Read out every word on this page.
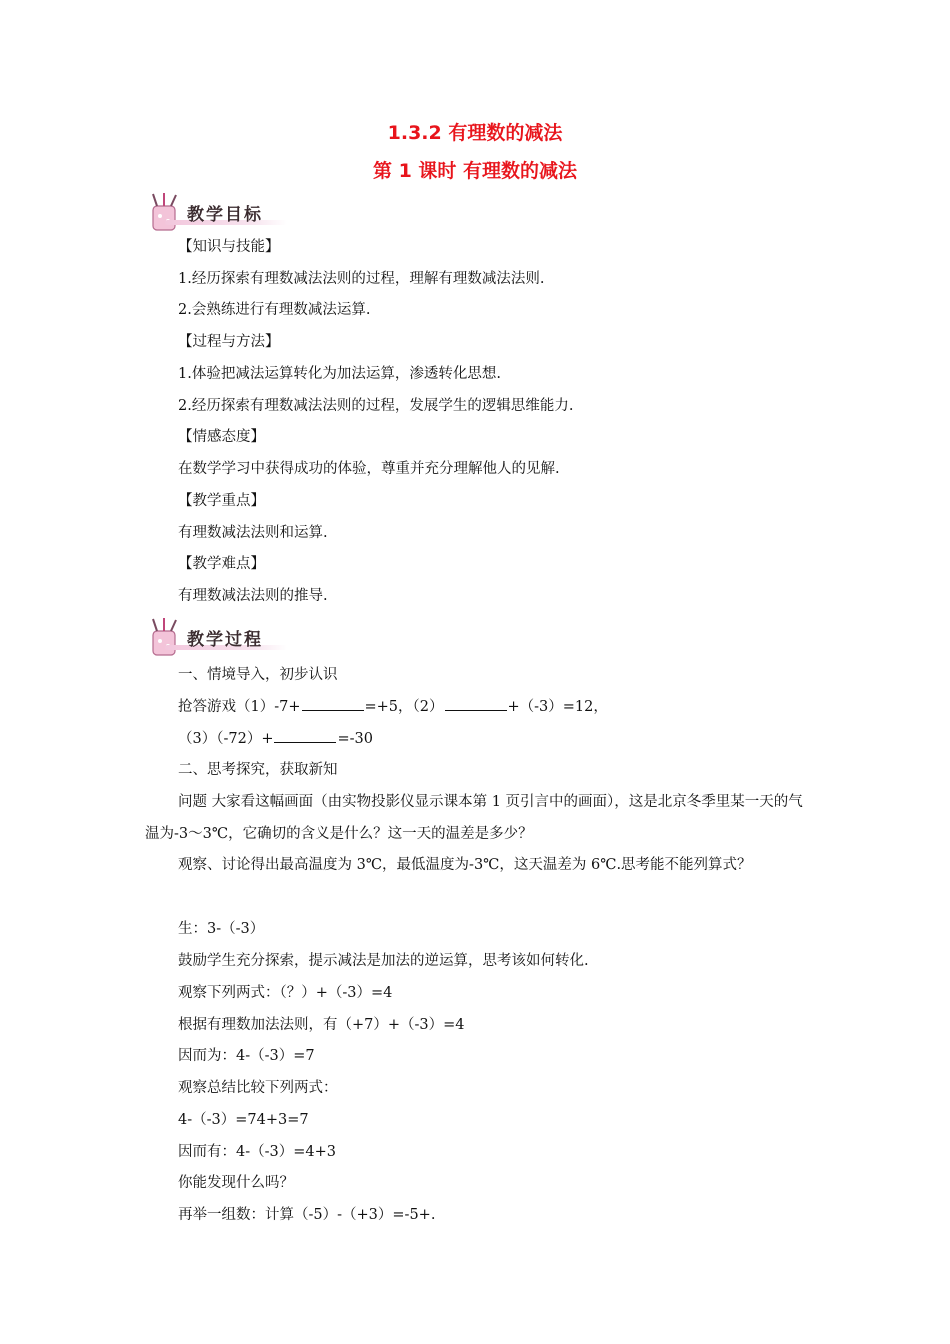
1.3.2 有理数的减法
第 1 课时 有理数的减法
教学目标
【知识与技能】
1.经历探索有理数减法法则的过程，理解有理数减法法则.
2.会熟练进行有理数减法运算.
【过程与方法】
1.体验把减法运算转化为加法运算，渗透转化思想.
2.经历探索有理数减法法则的过程，发展学生的逻辑思维能力.
【情感态度】
在数学学习中获得成功的体验，尊重并充分理解他人的见解.
【教学重点】
有理数减法法则和运算.
【教学难点】
有理数减法法则的推导.
教学过程
一、情境导入，初步认识
抢答游戏（1）-7+	=+5，（2）	+（-3）=12，
（3）（-72）+	=-30
二、思考探究，获取新知
问题 大家看这幅画面（由实物投影仪显示课本第 1 页引言中的画面），这是北京冬季里某一天的气温为-3～3℃，它确切的含义是什么？这一天的温差是多少？
观察、讨论得出最高温度为 3℃，最低温度为-3℃，这天温差为 6℃.思考能不能列算式？
生：3-（-3）
鼓励学生充分探索，提示减法是加法的逆运算，思考该如何转化.
观察下列两式：（？）+（-3）=4
根据有理数加法法则，有（+7）+（-3）=4
因而为：4-（-3）=7
观察总结比较下列两式：
4-（-3）=74+3=7
因而有：4-（-3）=4+3
你能发现什么吗？
再举一组数：计算（-5）-（+3）=-5+.
